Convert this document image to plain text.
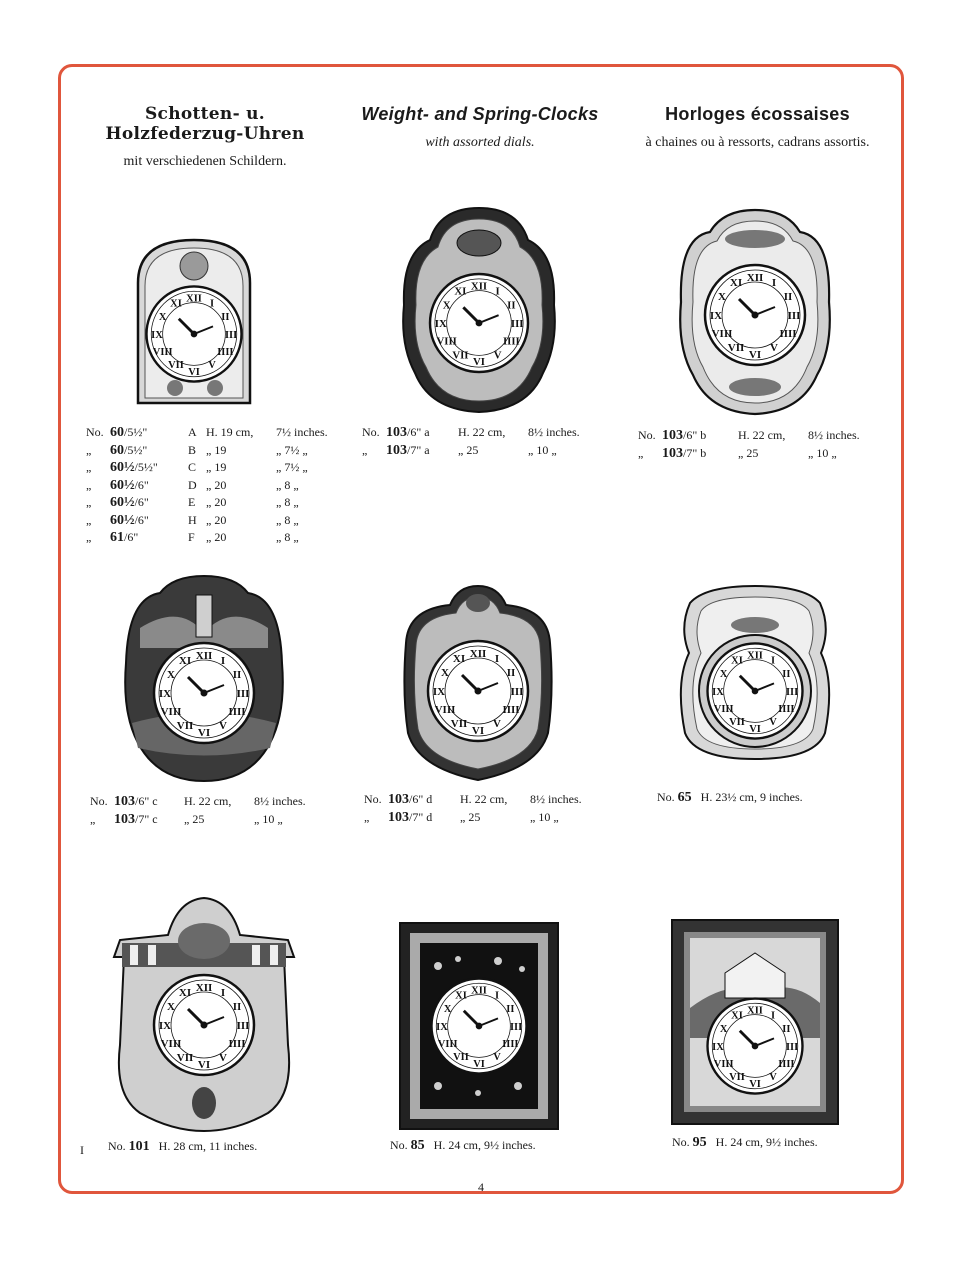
Schotten- u. Holzfederzug-Uhren
mit verschiedenen Schildern.
Weight- and Spring-Clocks
with assorted dials.
Horloges écossaises
à chaines ou à ressorts, cadrans assortis.
No. 60/5½"	A H. 19 cm,	7½ inches.
„	60/5½"	B „ 19	„ 7½ „
„	60½/5½"	C „ 19	„ 7½ „
„	60½/6"	D „ 20	„ 8 „
„	60½/6"	E „ 20	„ 8 „
„	60½/6"	H „ 20	„ 8 „
„	61/6"	F „ 20	„ 8 „
No. 103/6" a	H. 22 cm,	8½ inches.
„	103/7" a	„ 25	„ 10 „
No. 103/6" b	H. 22 cm,	8½ inches.
„	103/7" b	„ 25	„ 10 „
No. 103/6" c	H. 22 cm,	8½ inches.
„	103/7" c	„ 25	„ 10 „
No. 103/6" d	H. 22 cm,	8½ inches.
„	103/7" d	„ 25	„ 10 „
No. 65 H. 23½ cm, 9 inches.
No. 101 H. 28 cm, 11 inches.	No. 85 H. 24 cm, 9½ inches.	No. 95 H. 24 cm, 9½ inches.
I
4
